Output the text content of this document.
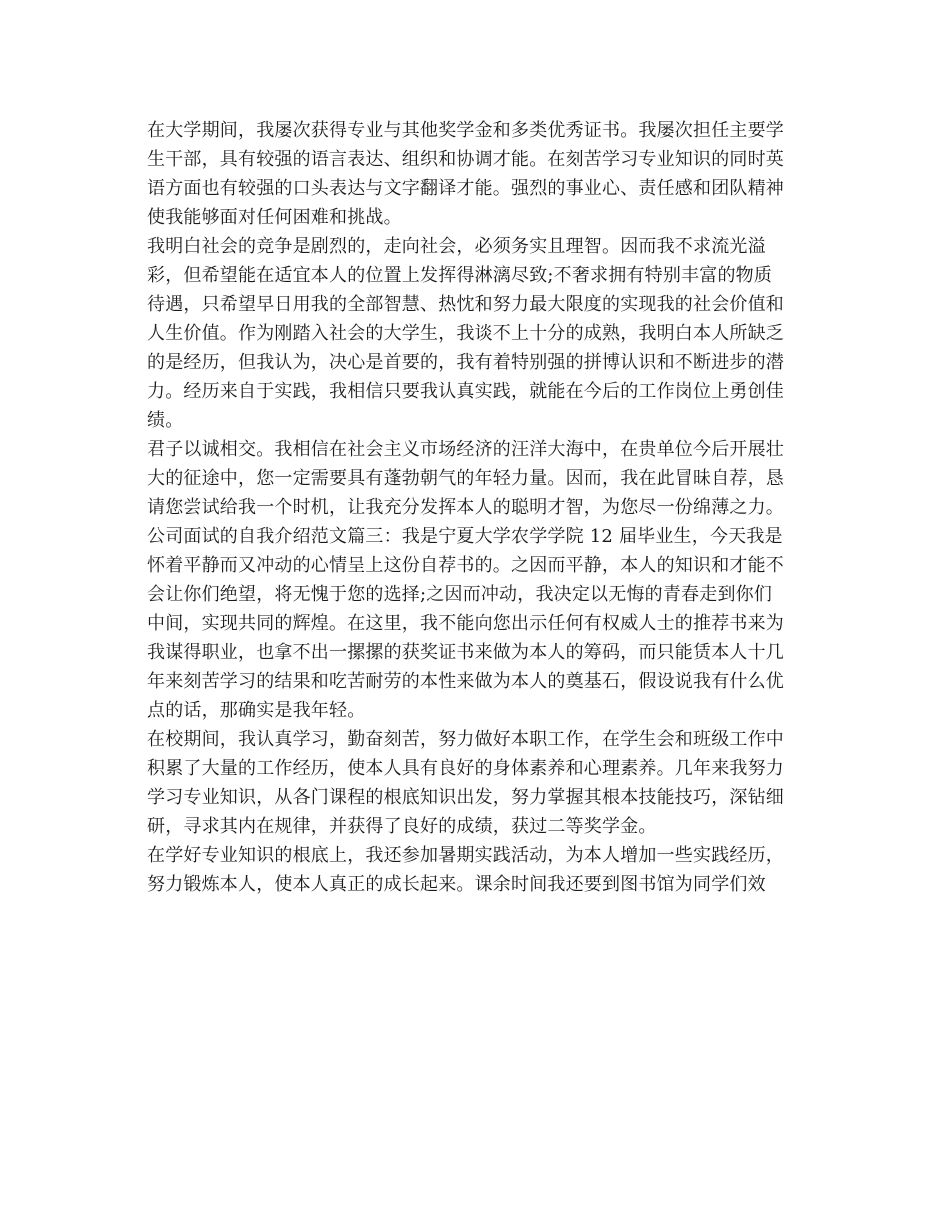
在大学期间，我屡次获得专业与其他奖学金和多类优秀证书。我屡次担任主要学
生干部，具有较强的语言表达、组织和协调才能。在刻苦学习专业知识的同时英
语方面也有较强的口头表达与文字翻译才能。强烈的事业心、责任感和团队精神
使我能够面对任何困难和挑战。
我明白社会的竞争是剧烈的，走向社会，必须务实且理智。因而我不求流光溢
彩，但希望能在适宜本人的位置上发挥得淋漓尽致;不奢求拥有特别丰富的物质
待遇，只希望早日用我的全部智慧、热忱和努力最大限度的实现我的社会价值和
人生价值。作为刚踏入社会的大学生，我谈不上十分的成熟，我明白本人所缺乏
的是经历，但我认为，决心是首要的，我有着特别强的拼博认识和不断进步的潜
力。经历来自于实践，我相信只要我认真实践，就能在今后的工作岗位上勇创佳
绩。
君子以诚相交。我相信在社会主义市场经济的汪洋大海中，在贵单位今后开展壮
大的征途中，您一定需要具有蓬勃朝气的年轻力量。因而，我在此冒昧自荐，恳
请您尝试给我一个时机，让我充分发挥本人的聪明才智，为您尽一份绵薄之力。
公司面试的自我介绍范文篇三：我是宁夏大学农学学院 12 届毕业生，今天我是
怀着平静而又冲动的心情呈上这份自荐书的。之因而平静，本人的知识和才能不
会让你们绝望，将无愧于您的选择;之因而冲动，我决定以无悔的青春走到你们
中间，实现共同的辉煌。在这里，我不能向您出示任何有权威人士的推荐书来为
我谋得职业，也拿不出一摞摞的获奖证书来做为本人的筹码，而只能赁本人十几
年来刻苦学习的结果和吃苦耐劳的本性来做为本人的奠基石，假设说我有什么优
点的话，那确实是我年轻。
在校期间，我认真学习，勤奋刻苦，努力做好本职工作，在学生会和班级工作中
积累了大量的工作经历，使本人具有良好的身体素养和心理素养。几年来我努力
学习专业知识，从各门课程的根底知识出发，努力掌握其根本技能技巧，深钻细
研，寻求其内在规律，并获得了良好的成绩，获过二等奖学金。
在学好专业知识的根底上，我还参加暑期实践活动，为本人增加一些实践经历，
努力锻炼本人，使本人真正的成长起来。课余时间我还要到图书馆为同学们效
